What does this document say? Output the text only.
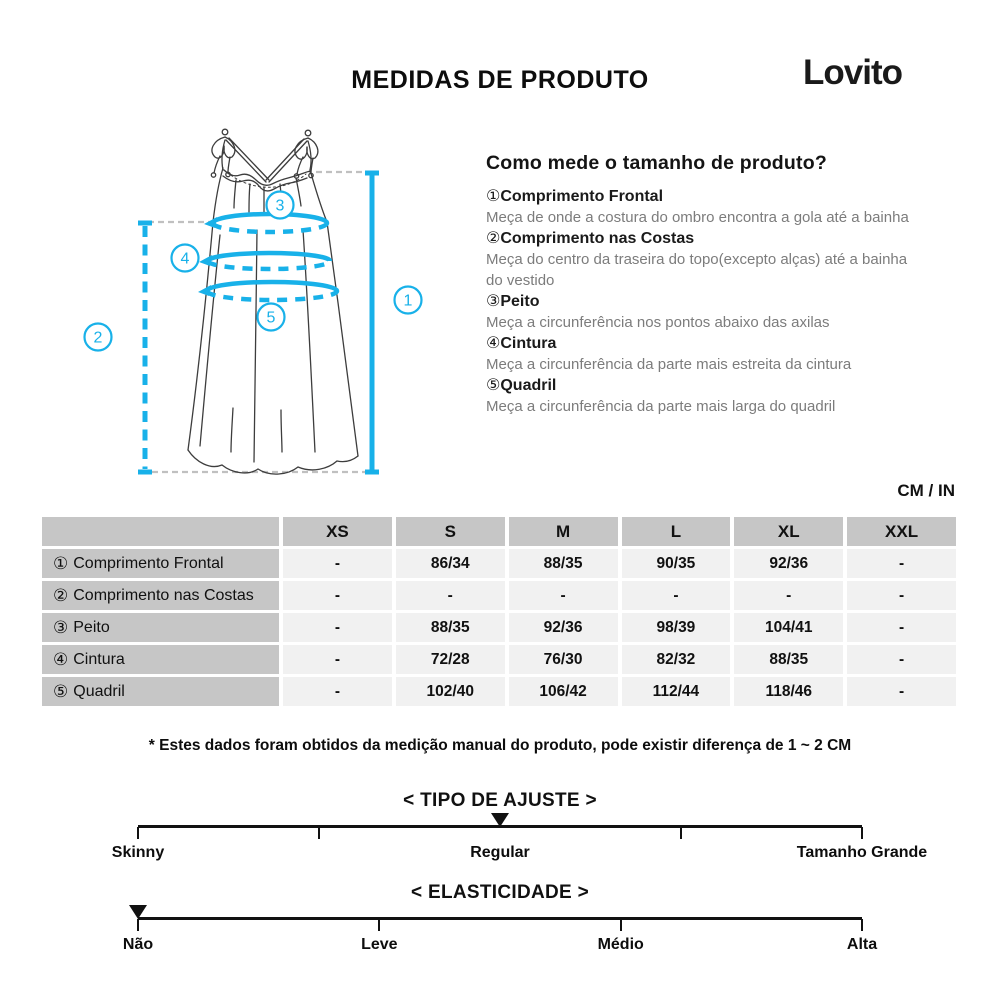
MEDIDAS DE PRODUTO	Lovito
1
2
3
4
5
Como mede o tamanho de produto?
①Comprimento Frontal
Meça de onde a costura do ombro encontra a gola até a bainha
②Comprimento nas Costas
Meça do centro da traseira do topo(excepto alças) até a bainha do vestido
③Peito
Meça a circunferência nos pontos abaixo das axilas
④Cintura
Meça a circunferência da parte mais estreita da cintura
⑤Quadril
Meça a circunferência da parte mais larga do quadril
CM / IN
XS	S	M	L	XL	XXL
① Comprimento Frontal	-	86/34	88/35	90/35	92/36	-
② Comprimento nas Costas	-	-	-	-	-	-
③ Peito	-	88/35	92/36	98/39	104/41	-
④ Cintura	-	72/28	76/30	82/32	88/35	-
⑤ Quadril	-	102/40	106/42	112/44	118/46	-
* Estes dados foram obtidos da medição manual do produto, pode existir diferença de 1 ~ 2 CM
< TIPO DE AJUSTE >
Skinny	Regular	Tamanho Grande
< ELASTICIDADE >
Não	Leve	Médio	Alta
